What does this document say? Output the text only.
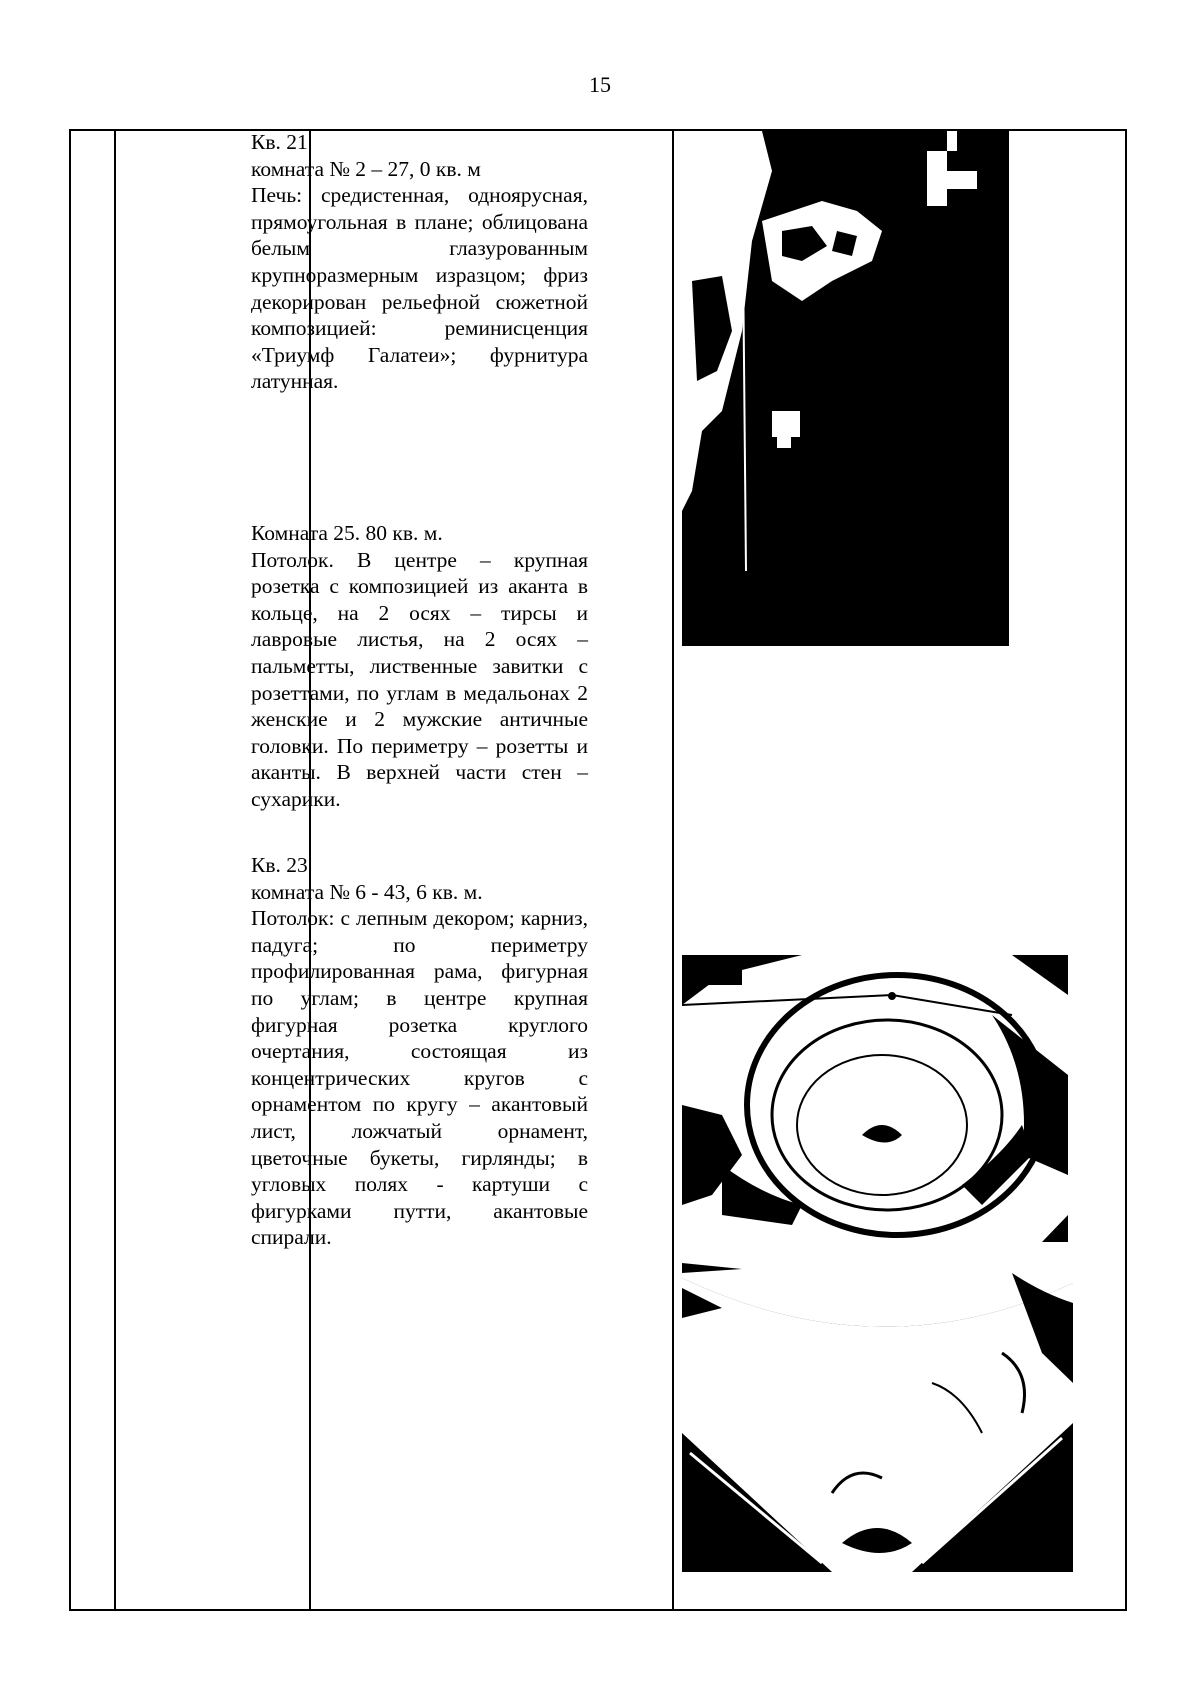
15

Кв. 21

комната № 2 – 27, 0 кв. м

Печь: средистенная, одноярусная, прямоугольная в плане; облицована белым глазурованным крупноразмерным изразцом; фриз декорирован рельефной сюжетной композицией: реминисценция «Триумф Галатеи»; фурнитура латунная.

Комната 25. 80 кв. м.

Потолок. В центре – крупная розетка с композицией из аканта в кольце, на 2 осях – тирсы и лавровые листья, на 2 осях – пальметты, лиственные завитки с розеттами, по углам в медальонах 2 женские и 2 мужские античные головки. По периметру – розетты и аканты. В верхней части стен – сухарики.

Кв. 23

комната № 6 - 43, 6 кв. м.

Потолок: с лепным декором; карниз, падуга; по периметру профилированная рама, фигурная по углам; в центре крупная фигурная розетка круглого очертания, состоящая из концентрических кругов с орнаментом по кругу – акантовый лист, ложчатый орнамент, цветочные букеты, гирлянды; в угловых полях - картуши с фигурками путти, акантовые спирали.
